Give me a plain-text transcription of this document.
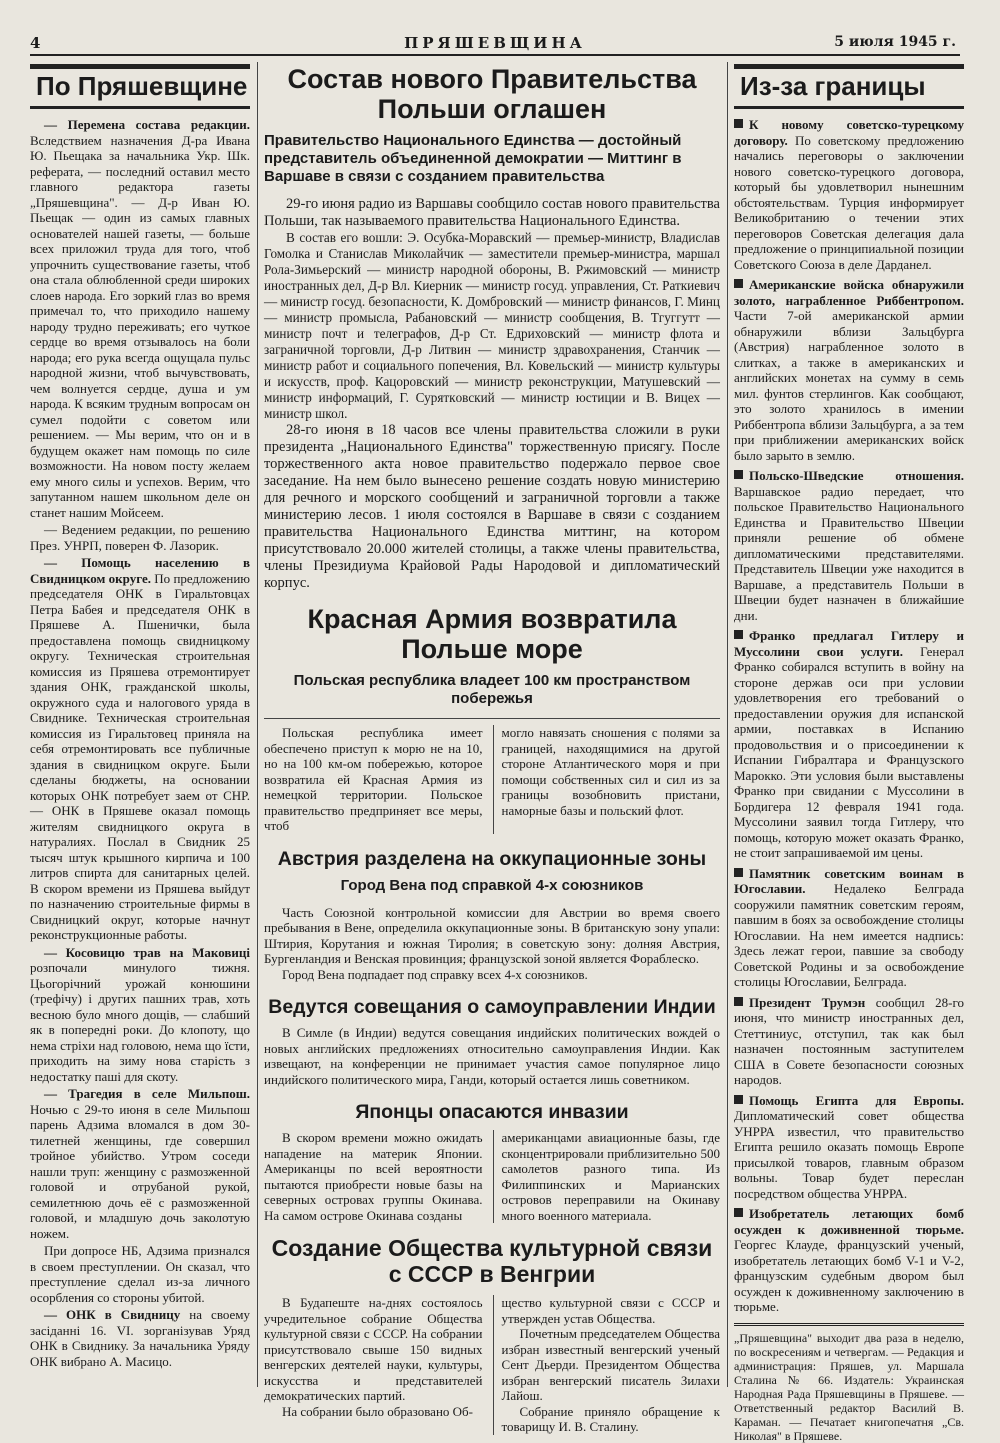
4	ПРЯШЕВЩИНА	5 июля 1945 г.
По Пряшевщине

— Перемена состава редакции. Вследствием назначения Д-ра Ивана Ю. Пьещака за начальника Укр. Шк. реферата, — последний оставил место главного редактора газеты „Пряшевщина". — Д-р Иван Ю. Пьещак — один из самых главных основателей нашей газеты, — больше всех приложил труда для того, чтоб упрочнить существование газеты, чтоб она стала облюбленной среди широких слоев народа. Его зоркий глаз во время примечал то, что приходило нашему народу трудно переживать; его чуткое сердце во время отзывалось на боли народа; его рука всегда ощущала пульс народной жизни, чтоб вычувствовать, чем волнуется сердце, душа и ум народа. К всяким трудным вопросам он сумел подойти с советом или решением. — Мы верим, что он и в будущем окажет нам помощь по силе возможности. На новом посту желаем ему много силы и успехов. Верим, что запутанном нашем школьном деле он станет нашим Мойсеем.

— Ведением редакции, по решению През. УНРП, поверен Ф. Лазорик.

— Помощь населению в Свидницком округе. По предложению председателя ОНК в Гиральтовцах Петра Бабея и председателя ОНК в Пряшеве А. Пшенички, была предоставлена помощь свидницкому округу. Техническая строительная комиссия из Пряшева отремонтирует здания ОНК, гражданской школы, окружного суда и налогового уряда в Свиднике. Техническая строительная комиссия из Гиральтовец приняла на себя отремонтировать все публичные здания в свидницком округе. Были сделаны бюджеты, на основании которых ОНК потребует заем от СНР. — ОНК в Пряшеве оказал помощь жителям свидницкого округа в натуралиях. Послал в Свидник 25 тысяч штук крышного кирпича и 100 литров спирта для санитарных целей. В скором времени из Пряшева выйдут по назначению строительные фирмы в Свидницкий округ, которые начнут реконструкционные работы.

— Косовицю трав на Маковиці розпочали минулого тижня. Цьогорічний урожай конюшини (трефічу) і других пашних трав, хоть весною було много дощів, — слабший як в попередні роки. До клопоту, що нема стріхи над головою, нема що їсти, приходить на зиму нова старість з недостатку паші для скоту.

— Трагедия в селе Мильпош. Ночью с 29-то июня в селе Мильпош парень Адзима вломался в дом 30-тилетней женщины, где совершил тройное убийство. Утром соседи нашли труп: женщину с размозженной головой и отрубаной рукой, семилетнюю дочь её с размозженной головой, и младшую дочь заколотую ножем.

При допросе НБ, Адзима признался в своем преступлении. Он сказал, что преступление сделал из-за личного осорбления со стороны убитой.

— ОНК в Свидницу на своему засіданні 16. VI. зорганізував Уряд ОНК в Свиднику. За начальника Уряду ОНК вибрано А. Масицо.

Состав нового Правительства Польши оглашен
Правительство Национального Единства — достойный представитель объединенной демократии — Миттинг в Варшаве в связи с созданием правительства

29-го июня радио из Варшавы сообщило состав нового правительства Польши, так называемого правительства Национального Единства.

В состав его вошли: Э. Осубка-Моравский — премьер-министр, Владислав Гомолка и Станислав Миколайчик — заместители премьер-министра, маршал Рола-Зимьерский — министр народной обороны, В. Ржимовский — министр иностранных дел, Д-р Вл. Киерник — министр госуд. управления, Ст. Раткиевич — министр госуд. безопасности, К. Домбровский — министр финансов, Г. Минц — министр промысла, Рабановский — министр сообщения, В. Тгуггутт — министр почт и телеграфов, Д-р Ст. Едриховский — министр флота и заграничной торговли, Д-р Литвин — министр здравохранения, Станчик — министр работ и социального попечения, Вл. Ковельский — министр культуры и искусств, проф. Кацоровский — министр реконструкции, Матушевский — министр информаций, Г. Суряткoвский — министр юстиции и В. Вицех — министр школ.

28-го июня в 18 часов все члены правительства сложили в руки президента „Национального Единства" торжественную присягу. После торжественного акта новое правительство подержало первое свое заседание. На нем было вынесено решение создать новую министерию для речного и морского сообщений и заграничной торговли а также министерию лесов. 1 июля состоялся в Варшаве в связи с созданием правительства Национального Единства миттинг, на котором присутствовало 20.000 жителей столицы, а также члены правительства, члены Президиума Крайовой Рады Народовой и дипломатический корпус.

Красная Армия возвратила Польше море
Польская республика владеет 100 км пространством побережья

Польская республика имеет обеспечено приступ к морю не на 10, но на 100 км-ом побережью, которое возвратила ей Красная Армия из немецкой территории. Польское правительство предприняет все меры, чтоб

могло навязать сношения с полями за границей, находящимися на другой стороне Атлантического моря и при помощи собственных сил и сил из за границы возобновить пристани, наморные базы и польский флот.

Австрия разделена на оккупационные зоны
Город Вена под справкой 4-х союзников

Часть Союзной контрольной комиссии для Австрии во время своего пребывания в Вене, определила оккупационные зоны. В британскую зону упали: Штирия, Корутания и южная Тиролия; в советскую зону: долняя Австрия, Бургенландия и Венская провинция; французской зоной является Фораблеско.

Город Вена подпадает под справку всех 4-х союзников.

Ведутся совещания о самоуправлении Индии

В Симле (в Индии) ведутся совещания индийских политических вождей о новых английских предложениях относительно самоуправления Индии. Как извещают, на конференции не принимает участия самое популярное лицо индийского политического мира, Ганди, который остается лишь советником.

Японцы опасаются инвазии

В скором времени можно ожидать нападение на материк Японии. Американцы по всей вероятности пытаются приобрести новые базы на северных островах группы Окинава. На самом острове Окинава созданы

американцами авиационные базы, где сконцентрировали приблизительно 500 самолетов разного типа. Из Филиппинских и Марианских островов переправили на Окинаву много военного материала.

Создание Общества культурной связи с СССР в Венгрии

В Будапеште на-днях состоялось учредительное собрание Общества культурной связи с СССР. На собрании присутствовало свыше 150 видных венгерских деятелей науки, культуры, искусства и представителей демократических партий.

На собрании было образовано Об-

щество культурной связи с СССР и утвержден устав Общества.

Почетным председателем Общества избран известный венгерский ученый Сент Дьерди. Президентом Общества избран венгерский писатель Зилахи Лайош.

Собрание приняло обращение к товарищу И. В. Сталину.

Из-за границы

К новому советско-турецкому договору. По советскому предложению начались переговоры о заключении нового советско-турецкого договора, который бы удовлетворил нынешним обстоятельствам. Турция информирует Великобританию о течении этих переговоров Советская делегация дала предложение о принципиальной позиции Советского Союза в деле Дарданел.

Американские войска обнаружили золото, награбленное Риббентропом. Части 7-ой американской армии обнаружили вблизи Зальцбурга (Австрия) награбленное золото в слитках, а также в американских и английских монетах на сумму в семь мил. фунтов стерлингов. Как сообщают, это золото хранилось в имении Риббентропа вблизи Зальцбурга, а за тем при приближении американских войск было зарыто в землю.

Польско-Шведские отношения. Варшавское радио передает, что польское Правительство Национального Единства и Правительство Швеции приняли решение об обмене дипломатическими представителями. Представитель Швеции уже находится в Варшаве, а представитель Польши в Швеции будет назначен в ближайшие дни.

Франко предлагал Гитлеру и Муссолини свои услуги. Генерал Франко собирался вступить в войну на стороне держав оси при условии удовлетворения его требований о предоставлении оружия для испанской армии, поставках в Испанию продовольствия и о присоединении к Испании Гибралтара и Французского Марокко. Эти условия были выставлены Франко при свидании с Муссолини в Бордигера 12 февраля 1941 года. Муссолини заявил тогда Гитлеру, что помощь, которую может оказать Франко, не стоит запрашиваемой им цены.

Памятник советским воинам в Югославии. Недалеко Белграда сооружили памятник советским героям, павшим в боях за освобождение столицы Югославии. На нем имеется надпись: Здесь лежат герои, павшие за свободу Советской Родины и за освобождение столицы Югославии, Белграда.

Президент Трумэн сообщил 28-го июня, что министр иностранных дел, Стеттиниус, отступил, так как был назначен постоянным заступителем США в Совете безопасности союзных народов.

Помощь Египта для Европы. Дипломатический совет общества УНРРА известил, что правительство Египта решило оказать помощь Европе присылкой товаров, главным образом вольны. Товар будет переслан посредством общества УНРРА.

Изобретатель летающих бомб осужден к доживненной тюрьме. Георгес Клауде, французский ученый, изобретатель летающих бомб V-1 и V-2, французским судебным двором был осужден к доживненному заключению в тюрьме.

„Пряшевщина" выходит два раза в неделю, по воскресениям и четвергам. — Редакция и администрация: Пряшев, ул. Маршала Сталина № 66. Издатель: Украинская Народная Рада Пряшевщины в Пряшеве. — Ответственный редактор Василий В. Караман. — Печатает книгопечатня „Св. Николая" в Пряшеве.
